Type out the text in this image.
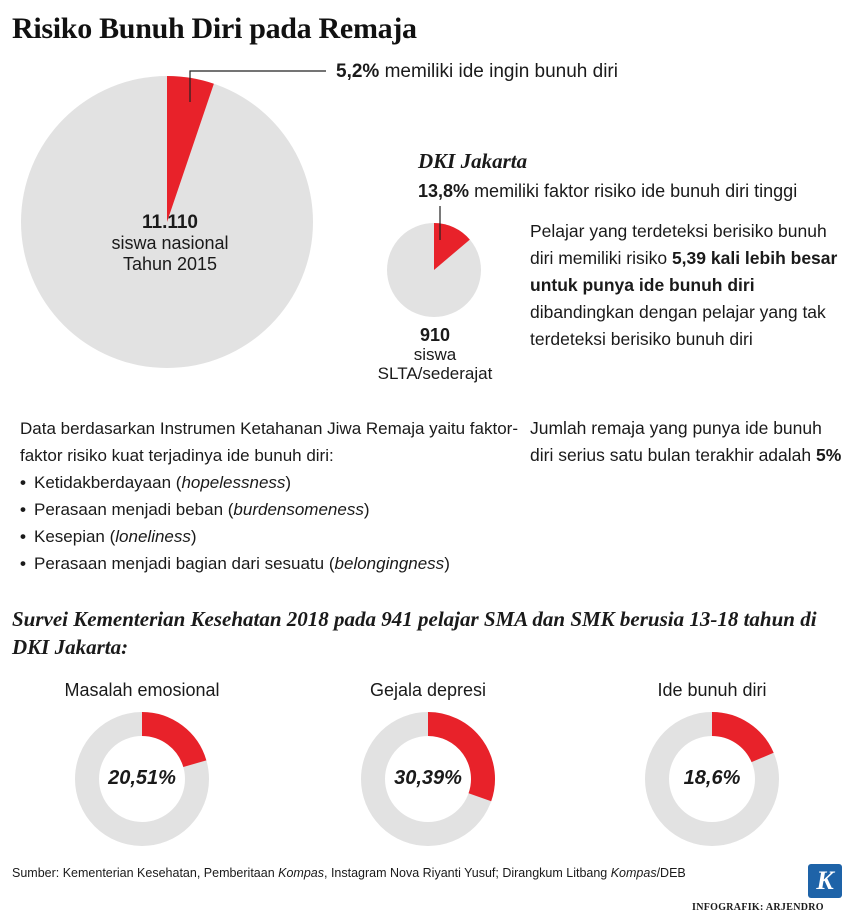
Risiko Bunuh Diri pada Remaja
5,2% memiliki ide ingin bunuh diri
11.110
siswa nasional
Tahun 2015
DKI Jakarta
13,8% memiliki faktor risiko ide bunuh diri tinggi
910
siswa
SLTA/sederajat
Pelajar yang terdeteksi berisiko bunuh diri memiliki risiko 5,39 kali lebih besar untuk punya ide bunuh diri dibandingkan dengan pelajar yang tak terdeteksi berisiko bunuh diri
Data berdasarkan Instrumen Ketahanan Jiwa Remaja yaitu faktor-faktor risiko kuat terjadinya ide bunuh diri:
• Ketidakberdayaan (hopelessness)
• Perasaan menjadi beban (burdensomeness)
• Kesepian (loneliness)
• Perasaan menjadi bagian dari sesuatu (belongingness)
Jumlah remaja yang punya ide bunuh diri serius satu bulan terakhir adalah 5%
Survei Kementerian Kesehatan 2018 pada 941 pelajar SMA dan SMK berusia 13-18 tahun di DKI Jakarta:
Masalah emosional	Gejala depresi	Ide bunuh diri
20,51%	30,39%	18,6%
Sumber: Kementerian Kesehatan, Pemberitaan Kompas, Instagram Nova Riyanti Yusuf; Dirangkum Litbang Kompas/DEB	K
INFOGRAFIK: ARJENDRO
